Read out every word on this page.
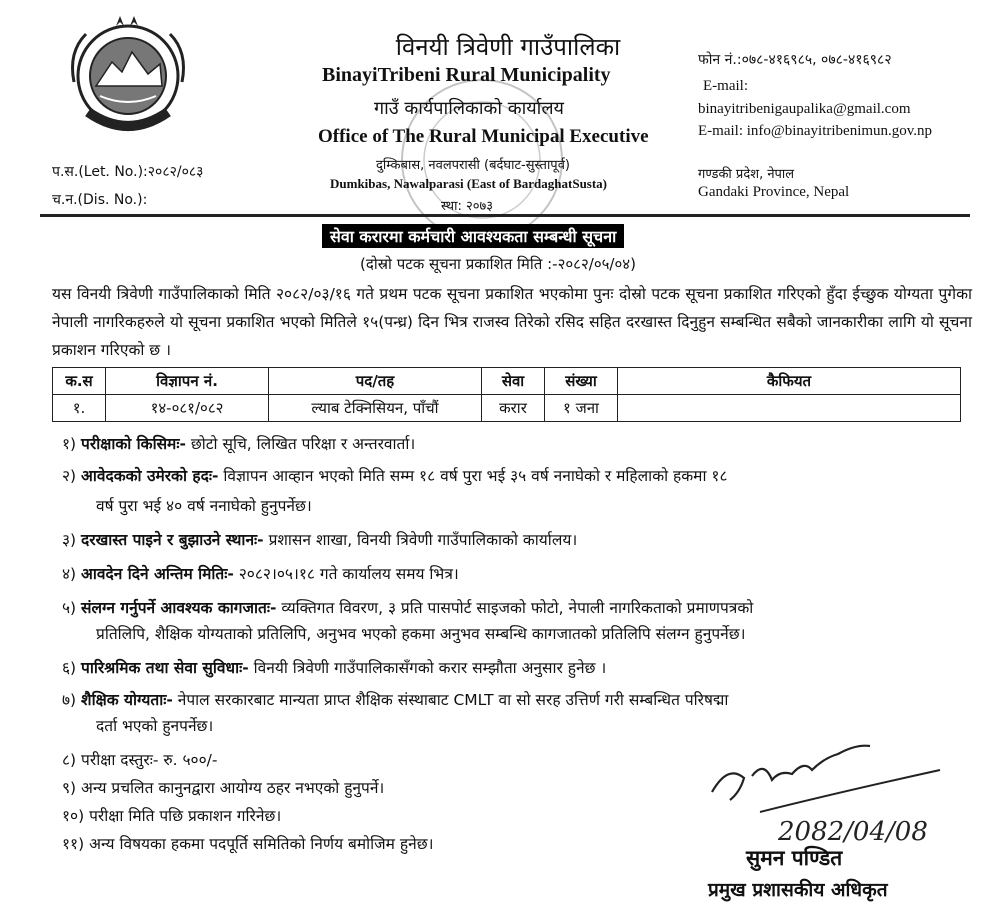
विनयी त्रिवेणी गाउँपालिका
BinayiTribeni Rural Municipality
गाउँ कार्यपालिकाको कार्यालय
Office of The Rural Municipal Executive
दुम्किबास, नवलपरासी (बर्दघाट-सुस्तापूर्व)
Dumkibas, Nawalparasi (East of BardaghatSusta)
स्था: २०७३
प.स.(Let. No.):२०८२/०८३
च.न.(Dis. No.):
फोन नं.:०७८-४१६९८५, ०७८-४१६९८२
E-mail:
binayitribenigaupalika@gmail.com
E-mail: info@binayitribenimun.gov.np
गण्डकी प्रदेश, नेपाल
Gandaki Province, Nepal
सेवा करारमा कर्मचारी आवश्यकता सम्बन्धी सूचना
(दोस्रो पटक सूचना प्रकाशित मिति :-२०८२/०५/०४)
यस विनयी त्रिवेणी गाउँपालिकाको मिति २०८२/०३/१६ गते प्रथम पटक सूचना प्रकाशित भएकोमा पुनः दोस्रो पटक सूचना प्रकाशित गरिएको हुँदा ईच्छुक योग्यता पुगेका नेपाली नागरिकहरुले यो सूचना प्रकाशित भएको मितिले १५(पन्ध्र) दिन भित्र राजस्व तिरेको रसिद सहित दरखास्त दिनुहुन सम्बन्धित सबैको जानकारीका लागि यो सूचना प्रकाशन गरिएको छ ।
क.स	विज्ञापन नं.	पद/तह	सेवा	संख्या	कैफियत
१.	१४-०८१/०८२	ल्याब टेक्निसियन, पाँचौं	करार	१ जना	
१) परीक्षाको किसिमः- छोटो सूचि, लिखित परिक्षा र अन्तरवार्ता।
२) आवेदकको उमेरको हदः- विज्ञापन आव्हान भएको मिति सम्म १८ वर्ष पुरा भई ३५ वर्ष ननाघेको र महिलाको हकमा १८
वर्ष पुरा भई ४० वर्ष ननाघेको हुनुपर्नेछ।
३) दरखास्त पाइने र बुझाउने स्थानः- प्रशासन शाखा, विनयी त्रिवेणी गाउँपालिकाको कार्यालय।
४) आवदेन दिने अन्तिम मितिः- २०८२।०५।१८ गते कार्यालय समय भित्र।
५) संलग्न गर्नुपर्ने आवश्यक कागजातः- व्यक्तिगत विवरण, ३ प्रति पासपोर्ट साइजको फोटो, नेपाली नागरिकताको प्रमाणपत्रको
प्रतिलिपि, शैक्षिक योग्यताको प्रतिलिपि, अनुभव भएको हकमा अनुभव सम्बन्धि कागजातको प्रतिलिपि संलग्न हुनुपर्नेछ।
६) पारिश्रमिक तथा सेवा सुविधाः- विनयी त्रिवेणी गाउँपालिकासँगको करार सम्झौता अनुसार हुनेछ ।
७) शैक्षिक योग्यताः- नेपाल सरकारबाट मान्यता प्राप्त शैक्षिक संस्थाबाट CMLT वा सो सरह उत्तिर्ण गरी सम्बन्धित परिषद्मा
दर्ता भएको हुनपर्नेछ।
८) परीक्षा दस्तुरः- रु. ५००/-
९) अन्य प्रचलित कानुनद्वारा आयोग्य ठहर नभएको हुनुपर्ने।
१०) परीक्षा मिति पछि प्रकाशन गरिनेछ।
११) अन्य विषयका हकमा पदपूर्ति समितिको निर्णय बमोजिम हुनेछ।	2082/04/08
सुमन पण्डित
प्रमुख प्रशासकीय अधिकृत
